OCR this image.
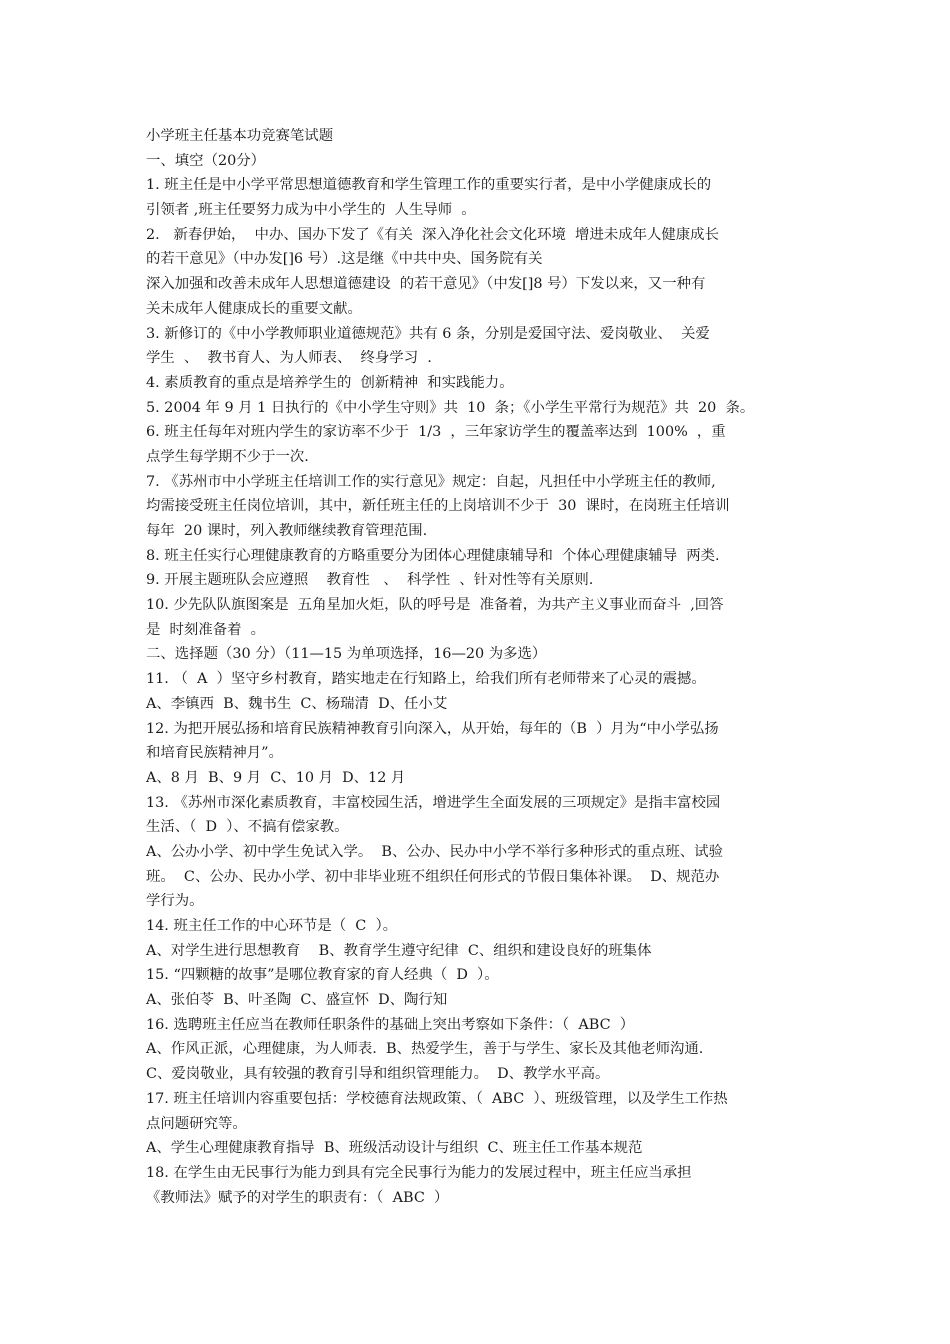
小学班主任基本功竞赛笔试题
一、填空（20分）
1. 班主任是中小学平常思想道德教育和学生管理工作的重要实行者，是中小学健康成长的
引领者 ,班主任要努力成为中小学生的  人生导师  。
2.   新春伊始，  中办、国办下发了《有关  深入净化社会文化环境  增进未成年人健康成长
的若干意见》（中办发[]6 号）.这是继《中共中央、国务院有关
深入加强和改善未成年人思想道德建设  的若干意见》（中发[]8 号）下发以来，又一种有
关未成年人健康成长的重要文献。
3. 新修订的《中小学教师职业道德规范》共有 6 条，分别是爱国守法、爱岗敬业、  关爱
学生  、  教书育人、为人师表、  终身学习  .
4. 素质教育的重点是培养学生的  创新精神  和实践能力。
5. 2004 年 9 月 1 日执行的《中小学生守则》共  10  条；《小学生平常行为规范》共  20  条。
6. 班主任每年对班内学生的家访率不少于  1/3  ，三年家访学生的覆盖率达到  100%  ，重
点学生每学期不少于一次.
7. 《苏州市中小学班主任培训工作的实行意见》规定：自起，凡担任中小学班主任的教师,
均需接受班主任岗位培训，其中，新任班主任的上岗培训不少于  30  课时，在岗班主任培训
每年  20 课时，列入教师继续教育管理范围.
8. 班主任实行心理健康教育的方略重要分为团体心理健康辅导和  个体心理健康辅导  两类.
9. 开展主题班队会应遵照    教育性   、  科学性  、针对性等有关原则.
10. 少先队队旗图案是  五角星加火炬，队的呼号是  准备着，为共产主义事业而奋斗  ,回答
是  时刻准备着  。
二、选择题（30 分）（11—15 为单项选择，16—20 为多选）
11. （  A  ）坚守乡村教育，踏实地走在行知路上，给我们所有老师带来了心灵的震撼。
A、李镇西  B、魏书生  C、杨瑞清  D、任小艾
12. 为把开展弘扬和培育民族精神教育引向深入，从开始，每年的（B  ）月为“中小学弘扬
和培育民族精神月”。
A、8 月  B、9 月  C、10 月  D、12 月
13. 《苏州市深化素质教育，丰富校园生活，增进学生全面发展的三项规定》是指丰富校园
生活、（  D  ）、不搞有偿家教。
A、公办小学、初中学生免试入学。  B、公办、民办中小学不举行多种形式的重点班、试验
班。  C、公办、民办小学、初中非毕业班不组织任何形式的节假日集体补课。  D、规范办
学行为。
14. 班主任工作的中心环节是（  C  ）。
A、对学生进行思想教育    B、教育学生遵守纪律  C、组织和建设良好的班集体
15. “四颗糖的故事”是哪位教育家的育人经典（  D  ）。
A、张伯苓  B、叶圣陶  C、盛宣怀  D、陶行知
16. 选聘班主任应当在教师任职条件的基础上突出考察如下条件：（  ABC  ）
A、作风正派，心理健康，为人师表.  B、热爱学生，善于与学生、家长及其他老师沟通.
C、爱岗敬业，具有较强的教育引导和组织管理能力。  D、教学水平高。
17. 班主任培训内容重要包括：学校德育法规政策、（  ABC  ）、班级管理，以及学生工作热
点问题研究等。
A、学生心理健康教育指导  B、班级活动设计与组织  C、班主任工作基本规范
18. 在学生由无民事行为能力到具有完全民事行为能力的发展过程中，班主任应当承担
《教师法》赋予的对学生的职责有：（  ABC  ）
